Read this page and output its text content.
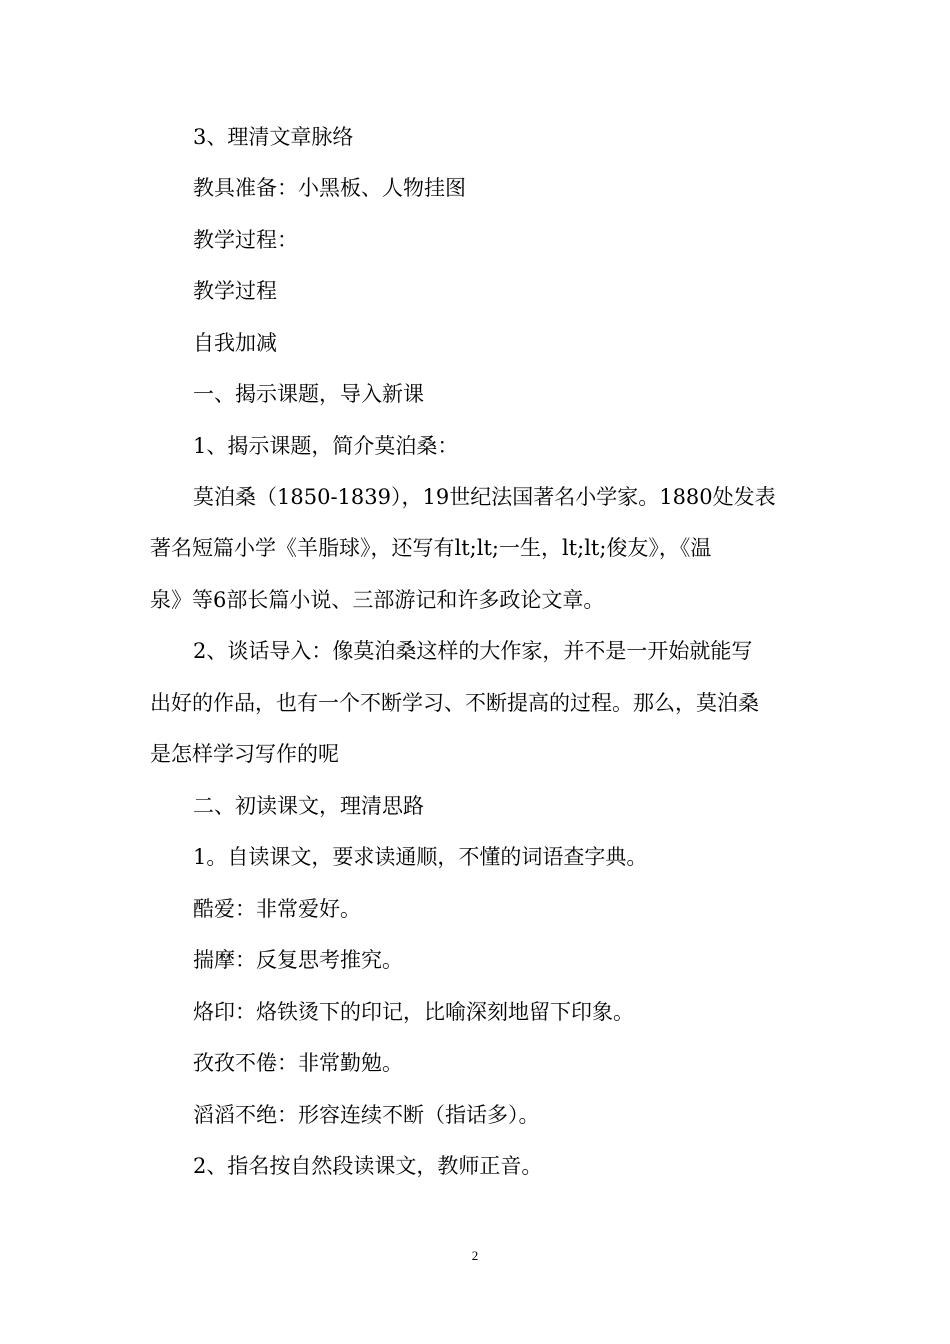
3、理清文章脉络
教具准备：小黑板、人物挂图
教学过程：
教学过程
自我加减
一、揭示课题，导入新课
1、揭示课题，简介莫泊桑：
莫泊桑（1850-1839），19世纪法国著名小学家。1880处发表
著名短篇小学《羊脂球》，还写有lt;lt;一生，lt;lt;俊友》，《温
泉》等6部长篇小说、三部游记和许多政论文章。
2、谈话导入：像莫泊桑这样的大作家，并不是一开始就能写
出好的作品，也有一个不断学习、不断提高的过程。那么，莫泊桑
是怎样学习写作的呢
二、初读课文，理清思路
1。自读课文，要求读通顺，不懂的词语查字典。
酷爱：非常爱好。
揣摩：反复思考推究。
烙印：烙铁烫下的印记，比喻深刻地留下印象。
孜孜不倦：非常勤勉。
滔滔不绝：形容连续不断（指话多）。
2、指名按自然段读课文，教师正音。
2
